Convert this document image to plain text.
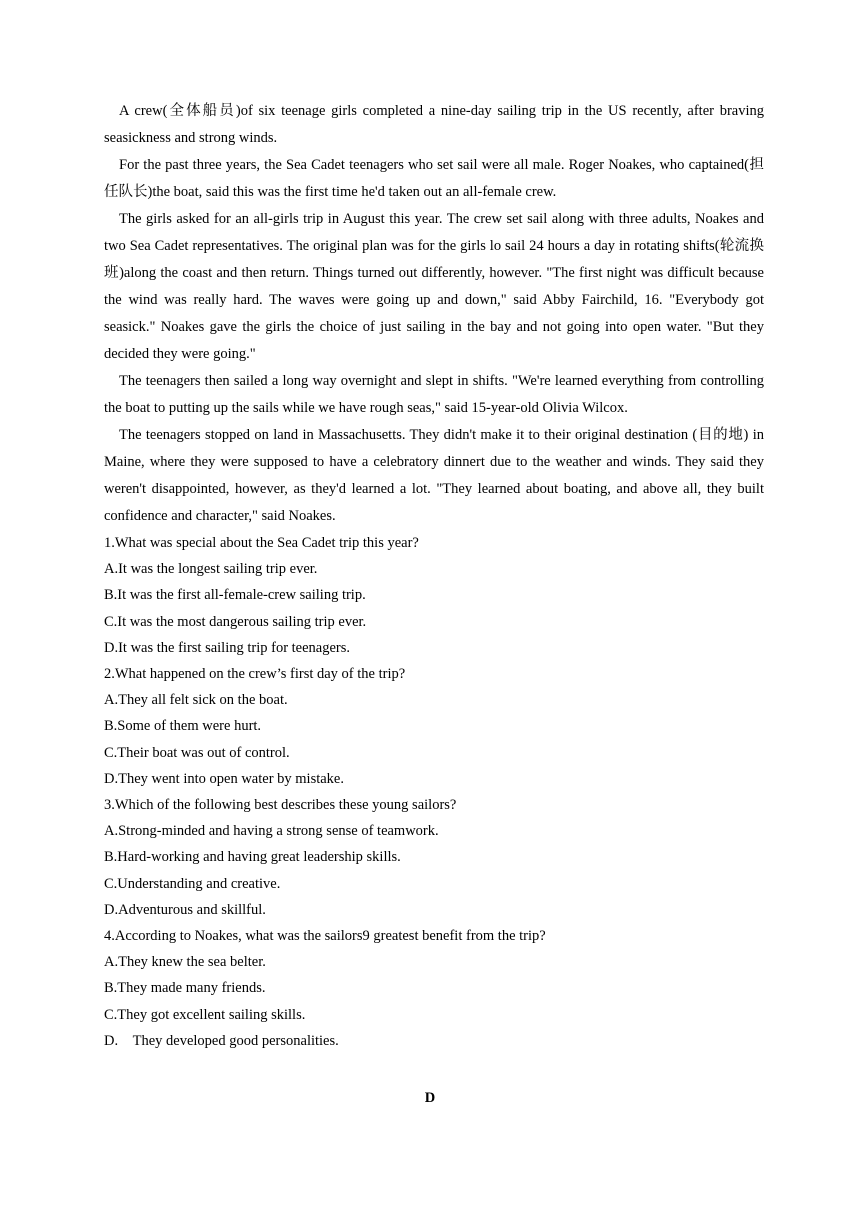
A crew(全体船员)of six teenage girls completed a nine-day sailing trip in the US recently, after braving seasickness and strong winds.

For the past three years, the Sea Cadet teenagers who set sail were all male. Roger Noakes, who captained(担任队长)the boat, said this was the first time he'd taken out an all-female crew.

The girls asked for an all-girls trip in August this year. The crew set sail along with three adults, Noakes and two Sea Cadet representatives. The original plan was for the girls lo sail 24 hours a day in rotating shifts(轮流换班)along the coast and then return. Things turned out differently, however. "The first night was difficult because the wind was really hard. The waves were going up and down," said Abby Fairchild, 16. "Everybody got seasick." Noakes gave the girls the choice of just sailing in the bay and not going into open water. "But they decided they were going."

The teenagers then sailed a long way overnight and slept in shifts. "We're learned everything from controlling the boat to putting up the sails while we have rough seas," said 15-year-old Olivia Wilcox.

The teenagers stopped on land in Massachusetts. They didn't make it to their original destination (目的地) in Maine, where they were supposed to have a celebratory dinnert due to the weather and winds. They said they weren't disappointed, however, as they'd learned a lot. "They learned about boating, and above all, they built confidence and character," said Noakes.

1.What was special about the Sea Cadet trip this year?

A.It was the longest sailing trip ever.

B.It was the first all-female-crew sailing trip.

C.It was the most dangerous sailing trip ever.

D.It was the first sailing trip for teenagers.

2.What happened on the crew’s first day of the trip?

A.They all felt sick on the boat.

B.Some of them were hurt.

C.Their boat was out of control.

D.They went into open water by mistake.

3.Which of the following best describes these young sailors?

A.Strong-minded and having a strong sense of teamwork.

B.Hard-working and having great leadership skills.

C.Understanding and creative.

D.Adventurous and skillful.

4.According to Noakes, what was the sailors9 greatest benefit from the trip?

A.They knew the sea belter.

B.They made many friends.

C.They got excellent sailing skills.

D. They developed good personalities.

D
